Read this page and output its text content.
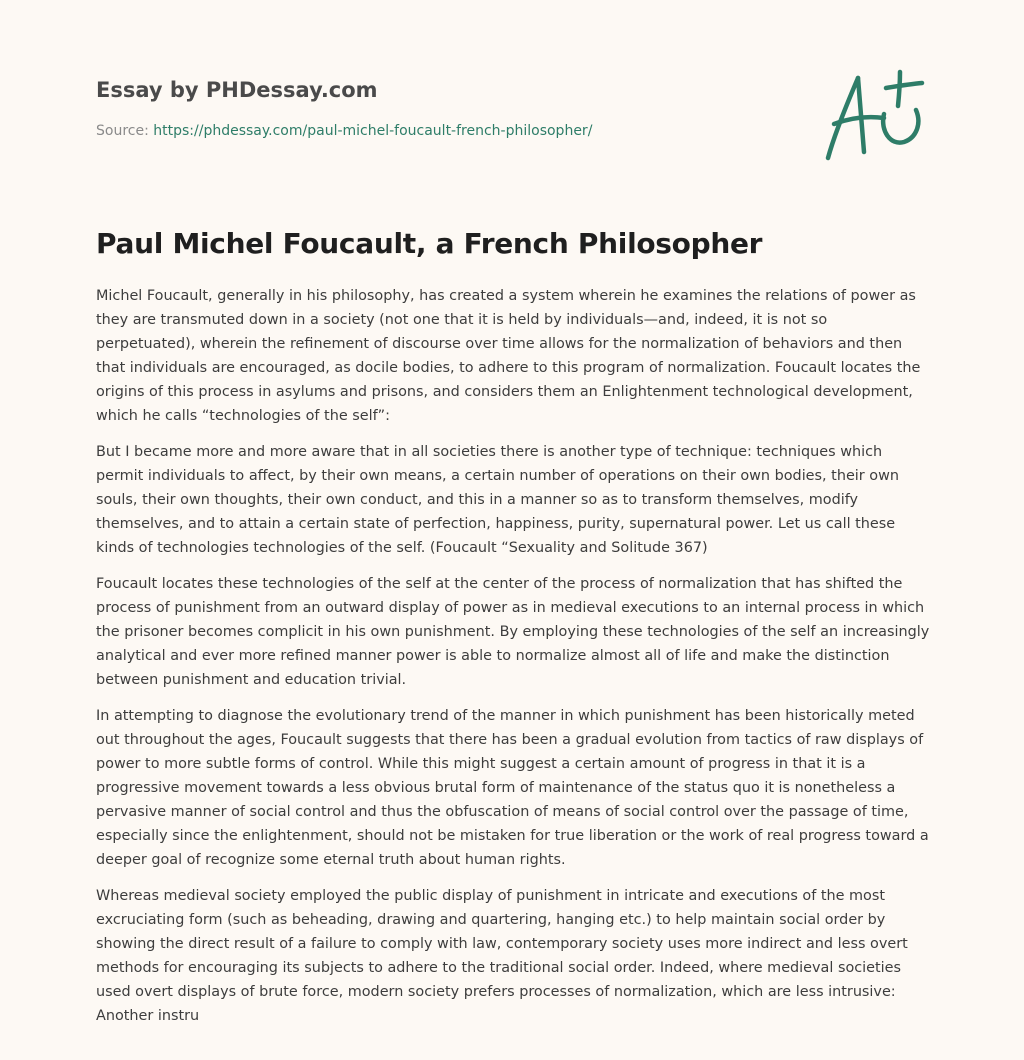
Essay by PHDessay.com
Source: https://phdessay.com/paul-michel-foucault-french-philosopher/
Paul Michel Foucault, a French Philosopher

Michel Foucault, generally in his philosophy, has created a system wherein he examines the relations of power as they are transmuted down in a society (not one that it is held by individuals—and, indeed, it is not so perpetuated), wherein the refinement of discourse over time allows for the normalization of behaviors and then that individuals are encouraged, as docile bodies, to adhere to this program of normalization. Foucault locates the origins of this process in asylums and prisons, and considers them an Enlightenment technological development, which he calls “technologies of the self”:

But I became more and more aware that in all societies there is another type of technique: techniques which permit individuals to affect, by their own means, a certain number of operations on their own bodies, their own souls, their own thoughts, their own conduct, and this in a manner so as to transform themselves, modify themselves, and to attain a certain state of perfection, happiness, purity, supernatural power. Let us call these kinds of technologies technologies of the self. (Foucault “Sexuality and Solitude 367)

Foucault locates these technologies of the self at the center of the process of normalization that has shifted the process of punishment from an outward display of power as in medieval executions to an internal process in which the prisoner becomes complicit in his own punishment. By employing these technologies of the self an increasingly analytical and ever more refined manner power is able to normalize almost all of life and make the distinction between punishment and education trivial.

In attempting to diagnose the evolutionary trend of the manner in which punishment has been historically meted out throughout the ages, Foucault suggests that there has been a gradual evolution from tactics of raw displays of power to more subtle forms of control. While this might suggest a certain amount of progress in that it is a progressive movement towards a less obvious brutal form of maintenance of the status quo it is nonetheless a pervasive manner of social control and thus the obfuscation of means of social control over the passage of time, especially since the enlightenment, should not be mistaken for true liberation or the work of real progress toward a deeper goal of recognize some eternal truth about human rights.

Whereas medieval society employed the public display of punishment in intricate and executions of the most excruciating form (such as beheading, drawing and quartering, hanging etc.) to help maintain social order by showing the direct result of a failure to comply with law, contemporary society uses more indirect and less overt methods for encouraging its subjects to adhere to the traditional social order. Indeed, where medieval societies used overt displays of brute force, modern society prefers processes of normalization, which are less intrusive: Another instru
